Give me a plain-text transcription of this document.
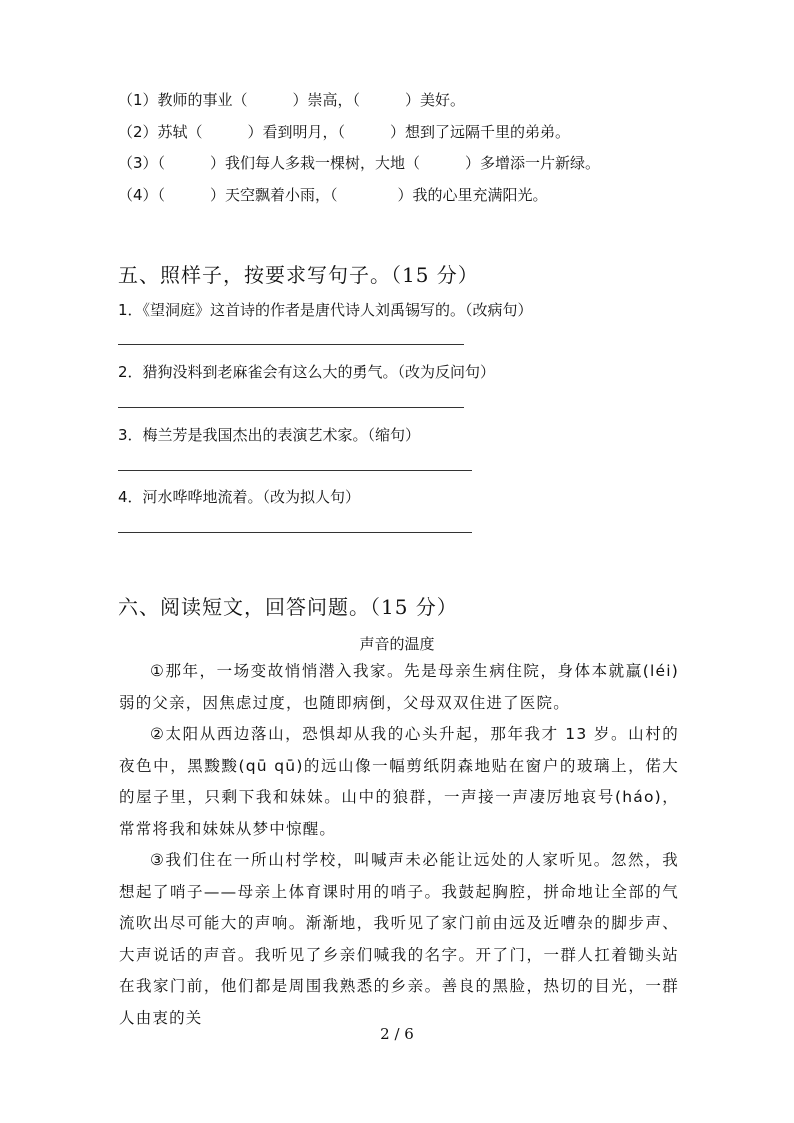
（1）教师的事业（　　　）崇高，（　　　）美好。
（2）苏轼（　　　）看到明月，（　　　）想到了远隔千里的弟弟。
（3）（　　　）我们每人多栽一棵树，大地（　　　）多增添一片新绿。
（4）（　　　）天空飘着小雨，（　　　　）我的心里充满阳光。
五、照样子，按要求写句子。（15 分）
1．《望洞庭》这首诗的作者是唐代诗人刘禹锡写的。（改病句）
2．猎狗没料到老麻雀会有这么大的勇气。（改为反问句）
3．梅兰芳是我国杰出的表演艺术家。（缩句）
4．河水哗哗地流着。（改为拟人句）
六、阅读短文，回答问题。（15 分）
声音的温度

①那年，一场变故悄悄潜入我家。先是母亲生病住院，身体本就羸(léi)弱的父亲，因焦虑过度，也随即病倒，父母双双住进了医院。

②太阳从西边落山，恐惧却从我的心头升起，那年我才 13 岁。山村的夜色中，黑黢黢(qū qū)的远山像一幅剪纸阴森地贴在窗户的玻璃上，偌大的屋子里，只剩下我和妹妹。山中的狼群，一声接一声凄厉地哀号(háo)，常常将我和妹妹从梦中惊醒。

③我们住在一所山村学校，叫喊声未必能让远处的人家听见。忽然，我想起了哨子——母亲上体育课时用的哨子。我鼓起胸腔，拼命地让全部的气流吹出尽可能大的声响。渐渐地，我听见了家门前由远及近嘈杂的脚步声、大声说话的声音。我听见了乡亲们喊我的名字。开了门，一群人扛着锄头站在我家门前，他们都是周围我熟悉的乡亲。善良的黑脸，热切的目光，一群人由衷的关

2 / 6
